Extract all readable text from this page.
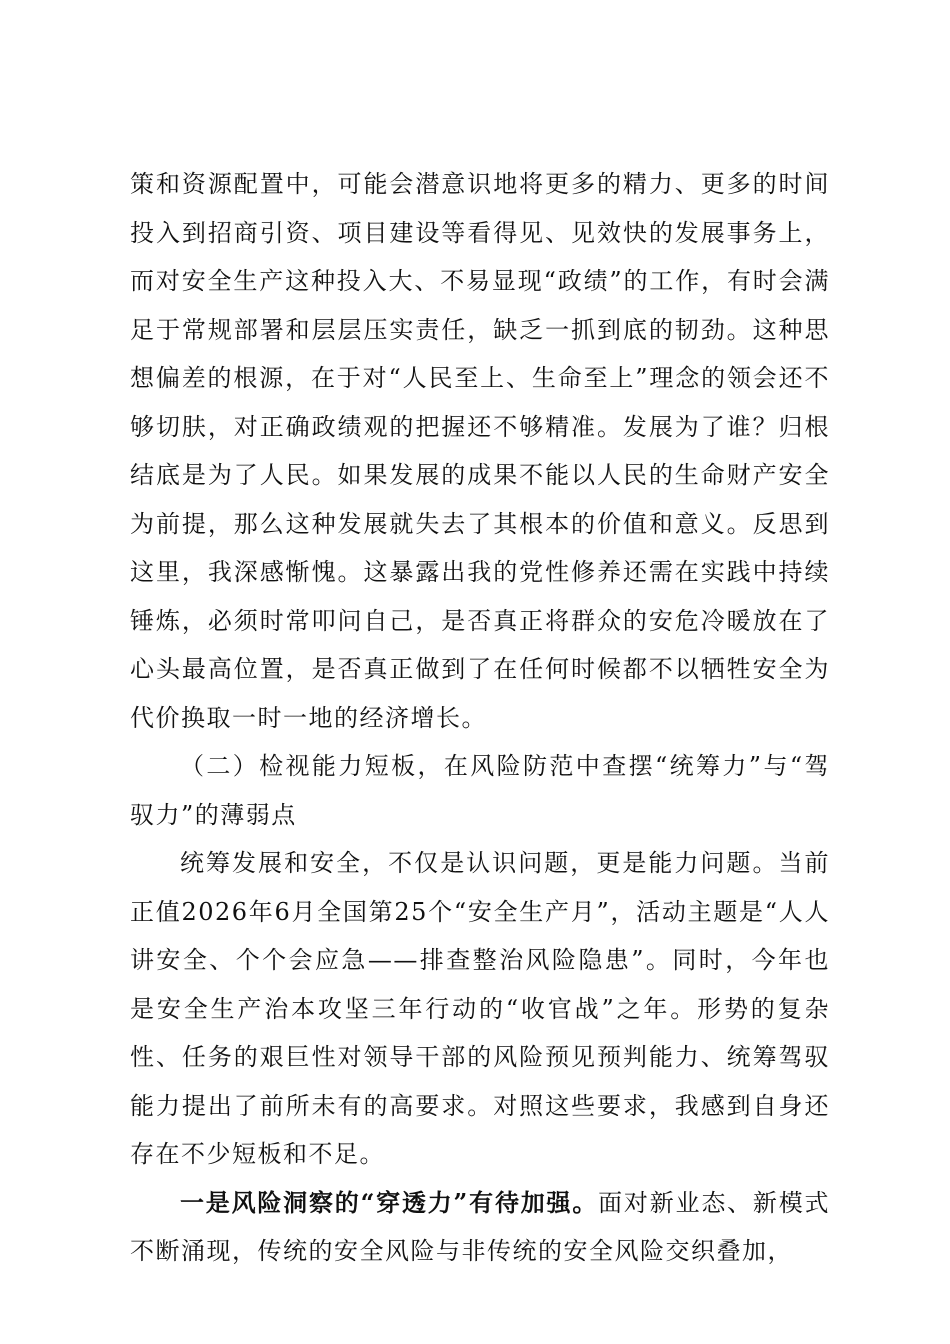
策和资源配置中，可能会潜意识地将更多的精力、更多的时间投入到招商引资、项目建设等看得见、见效快的发展事务上，而对安全生产这种投入大、不易显现“政绩”的工作，有时会满足于常规部署和层层压实责任，缺乏一抓到底的韧劲。这种思想偏差的根源，在于对“人民至上、生命至上”理念的领会还不够切肤，对正确政绩观的把握还不够精准。发展为了谁？归根结底是为了人民。如果发展的成果不能以人民的生命财产安全为前提，那么这种发展就失去了其根本的价值和意义。反思到这里，我深感惭愧。这暴露出我的党性修养还需在实践中持续锤炼，必须时常叩问自己，是否真正将群众的安危冷暖放在了心头最高位置，是否真正做到了在任何时候都不以牺牲安全为代价换取一时一地的经济增长。

（二）检视能力短板，在风险防范中查摆“统筹力”与“驾驭力”的薄弱点

统筹发展和安全，不仅是认识问题，更是能力问题。当前正值2026年6月全国第25个“安全生产月”，活动主题是“人人讲安全、个个会应急——排查整治风险隐患”。同时，今年也是安全生产治本攻坚三年行动的“收官战”之年。形势的复杂性、任务的艰巨性对领导干部的风险预见预判能力、统筹驾驭能力提出了前所未有的高要求。对照这些要求，我感到自身还存在不少短板和不足。

一是风险洞察的“穿透力”有待加强。面对新业态、新模式不断涌现，传统的安全风险与非传统的安全风险交织叠加，
